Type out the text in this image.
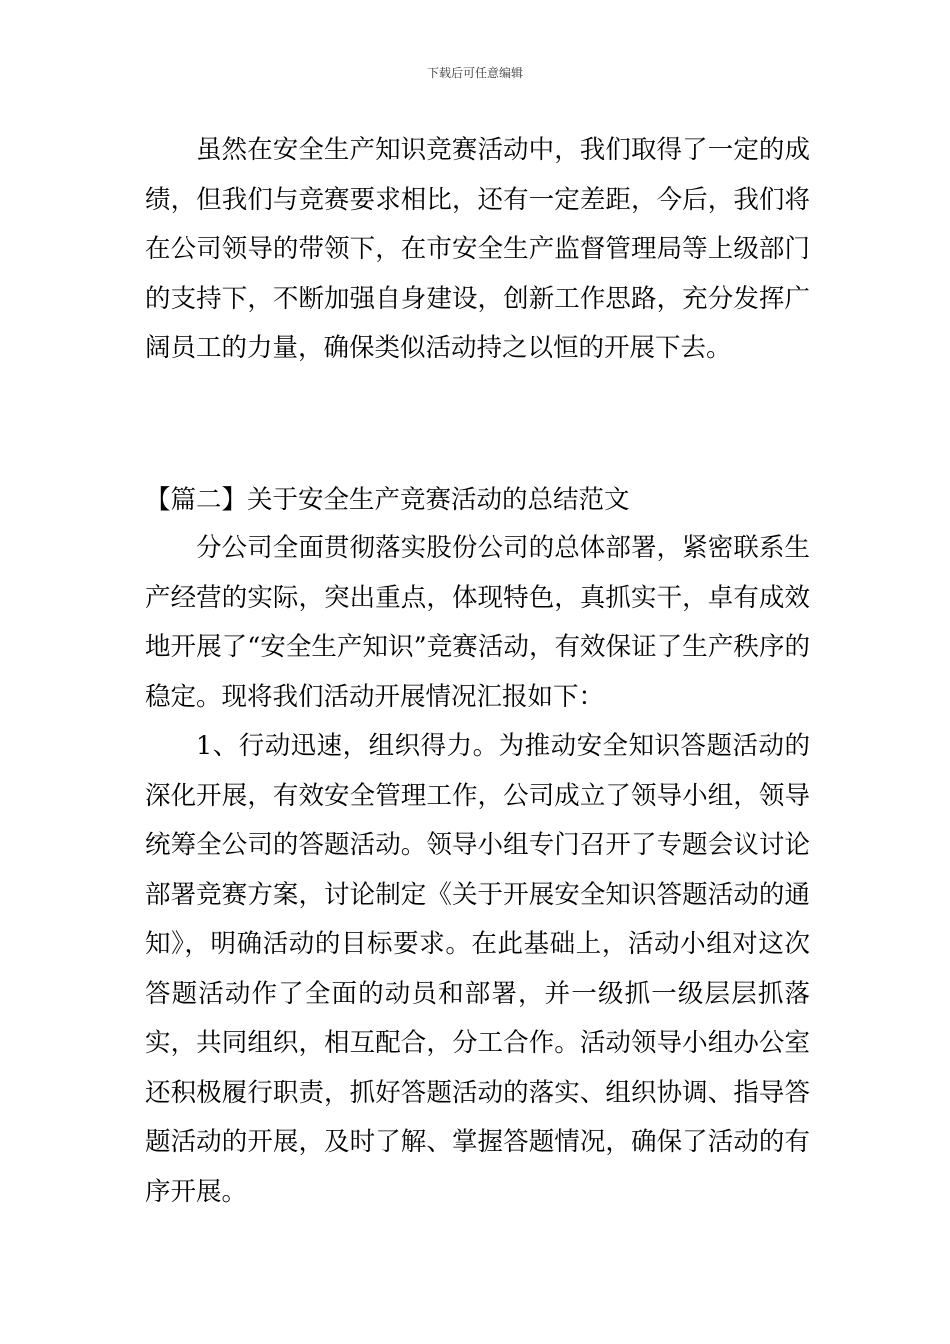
下载后可任意编辑

虽然在安全生产知识竞赛活动中，我们取得了一定的成绩，但我们与竞赛要求相比，还有一定差距，今后，我们将在公司领导的带领下，在市安全生产监督管理局等上级部门的支持下，不断加强自身建设，创新工作思路，充分发挥广阔员工的力量，确保类似活动持之以恒的开展下去。

【篇二】关于安全生产竞赛活动的总结范文

分公司全面贯彻落实股份公司的总体部署，紧密联系生产经营的实际，突出重点，体现特色，真抓实干，卓有成效地开展了“安全生产知识”竞赛活动，有效保证了生产秩序的稳定。现将我们活动开展情况汇报如下：

1、行动迅速，组织得力。为推动安全知识答题活动的深化开展，有效安全管理工作，公司成立了领导小组，领导统筹全公司的答题活动。领导小组专门召开了专题会议讨论部署竞赛方案，讨论制定《关于开展安全知识答题活动的通知》，明确活动的目标要求。在此基础上，活动小组对这次答题活动作了全面的动员和部署，并一级抓一级层层抓落实，共同组织，相互配合，分工合作。活动领导小组办公室还积极履行职责，抓好答题活动的落实、组织协调、指导答题活动的开展，及时了解、掌握答题情况，确保了活动的有序开展。
